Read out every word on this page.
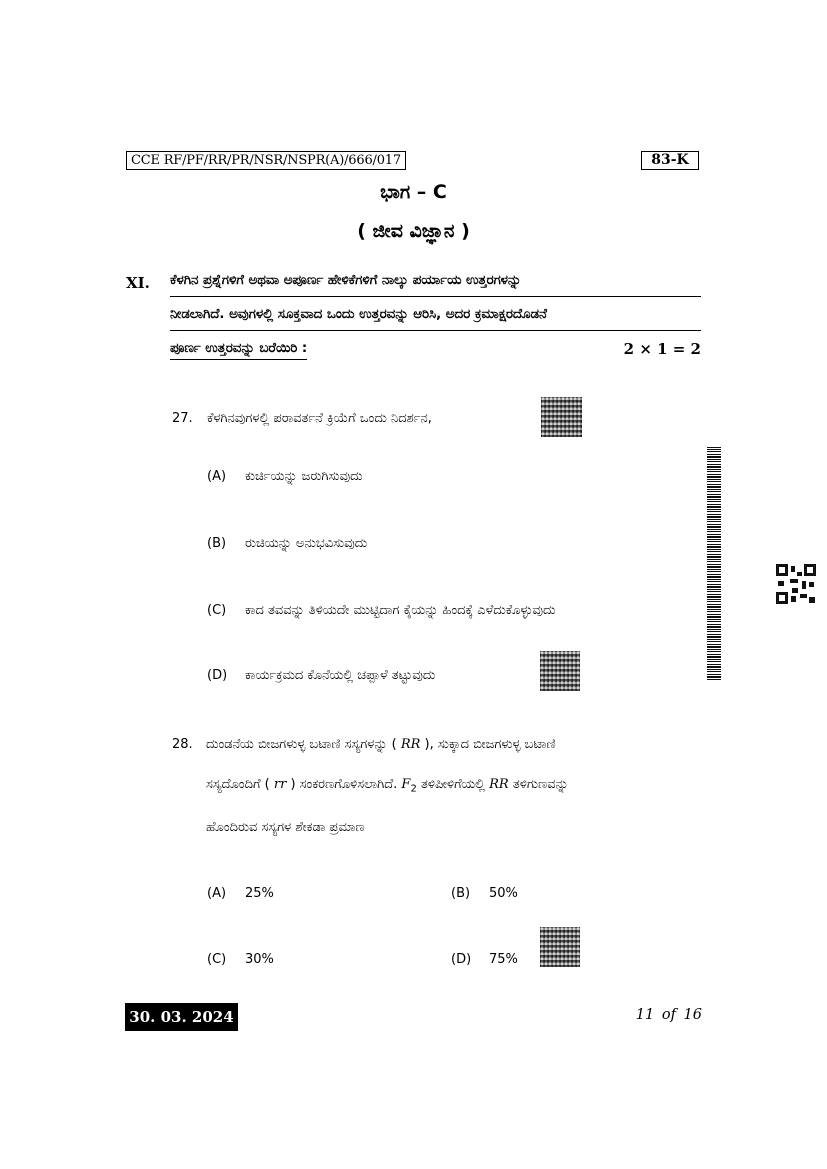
CCE RF/PF/RR/PR/NSR/NSPR(A)/666/017	83-K
ಭಾಗ – C
( ಜೀವ ವಿಜ್ಞಾನ )
XI. ಕೆಳಗಿನ ಪ್ರಶ್ನೆಗಳಿಗೆ ಅಥವಾ ಅಪೂರ್ಣ ಹೇಳಿಕೆಗಳಿಗೆ ನಾಲ್ಕು ಪರ್ಯಾಯ ಉತ್ತರಗಳನ್ನು
ನೀಡಲಾಗಿದೆ. ಅವುಗಳಲ್ಲಿ ಸೂಕ್ತವಾದ ಒಂದು ಉತ್ತರವನ್ನು ಆರಿಸಿ, ಅದರ ಕ್ರಮಾಕ್ಷರದೊಡನೆ
ಪೂರ್ಣ ಉತ್ತರವನ್ನು ಬರೆಯಿರಿ :	2 × 1 = 2
27. ಕೆಳಗಿನವುಗಳಲ್ಲಿ ಪರಾವರ್ತನೆ ಕ್ರಿಯೆಗೆ ಒಂದು ನಿದರ್ಶನ,
(A) ಕುರ್ಚಿಯನ್ನು ಜರುಗಿಸುವುದು
(B) ರುಚಿಯನ್ನು ಅನುಭವಿಸುವುದು
(C) ಕಾದ ತವವನ್ನು ತಿಳಿಯದೇ ಮುಟ್ಟಿದಾಗ ಕೈಯನ್ನು ಹಿಂದಕ್ಕೆ ಎಳೆದುಕೊಳ್ಳುವುದು
(D) ಕಾರ್ಯಕ್ರಮದ ಕೊನೆಯಲ್ಲಿ ಚಪ್ಪಾಳೆ ತಟ್ಟುವುದು
28. ದುಂಡನೆಯ ಬೀಜಗಳುಳ್ಳ ಬಟಾಣಿ ಸಸ್ಯಗಳನ್ನು ( RR ), ಸುಕ್ಕಾದ ಬೀಜಗಳುಳ್ಳ ಬಟಾಣಿ
ಸಸ್ಯದೊಂದಿಗೆ ( rr ) ಸಂಕರಣಗೊಳಿಸಲಾಗಿದೆ. $F_2$ ತಳಿಪೀಳಿಗೆಯಲ್ಲಿ RR ತಳಿಗುಣವನ್ನು
ಹೊಂದಿರುವ ಸಸ್ಯಗಳ ಶೇಕಡಾ ಪ್ರಮಾಣ
(A) 25%	(B) 50%
(C) 30%	(D) 75%
30. 03. 2024	11 of 16
